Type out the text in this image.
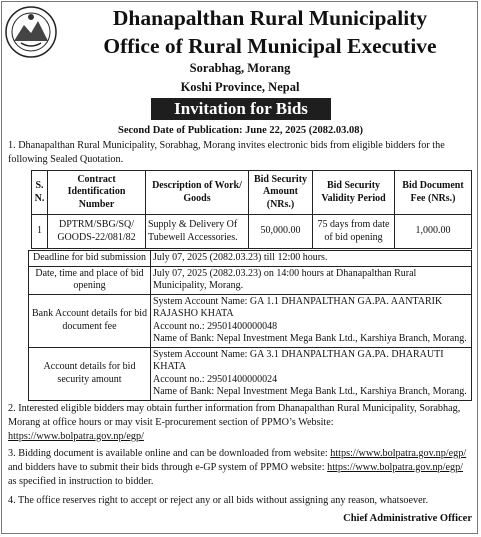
Dhanapalthan Rural Municipality
Office of Rural Municipal Executive
Sorabhag, Morang
Koshi Province, Nepal
Invitation for Bids
Second Date of Publication: June 22, 2025 (2082.03.08)
1. Dhanapalthan Rural Municipality, Sorabhag, Morang invites electronic bids from eligible bidders for the following Sealed Quotation.
S. N.	Contract Identification Number	Description of Work/ Goods	Bid Security Amount (NRs.)	Bid Security Validity Period	Bid Document Fee (NRs.)
1	DPTRM/SBG/SQ/ GOODS-22/081/82	Supply & Delivery Of Tubewell Accessories.	50,000.00	75 days from date of bid opening	1,000.00
Deadline for bid submission	July 07, 2025 (2082.03.23) till 12:00 hours.
Date, time and place of bid opening	July 07, 2025 (2082.03.23) on 14:00 hours at Dhanapalthan Rural Municipality, Morang.
Bank Account details for bid document fee	System Account Name: GA 1.1 DHANPALTHAN GA.PA. AANTARIK RAJASHO KHATA
Account no.: 29501400000048
Name of Bank: Nepal Investment Mega Bank Ltd., Karshiya Branch, Morang.

Account details for bid security amount	System Account Name: GA 3.1 DHANPALTHAN GA.PA. DHARAUTI KHATA
Account no.: 29501400000024
Name of Bank: Nepal Investment Mega Bank Ltd., Karshiya Branch, Morang.
2. Interested eligible bidders may obtain further information from Dhanapalthan Rural Municipality, Sorabhag, Morang at office hours or may visit E-procurement section of PPMO’s Website: https://www.bolpatra.gov.np/egp/
3. Bidding document is available online and can be downloaded from website: https://www.bolpatra.gov.np/egp/ and bidders have to submit their bids through e-GP system of PPMO website: https://www.bolpatra.gov.np/egp/ as specified in instruction to bidder.
4. The office reserves right to accept or reject any or all bids without assigning any reason, whatsoever.
Chief Administrative Officer
